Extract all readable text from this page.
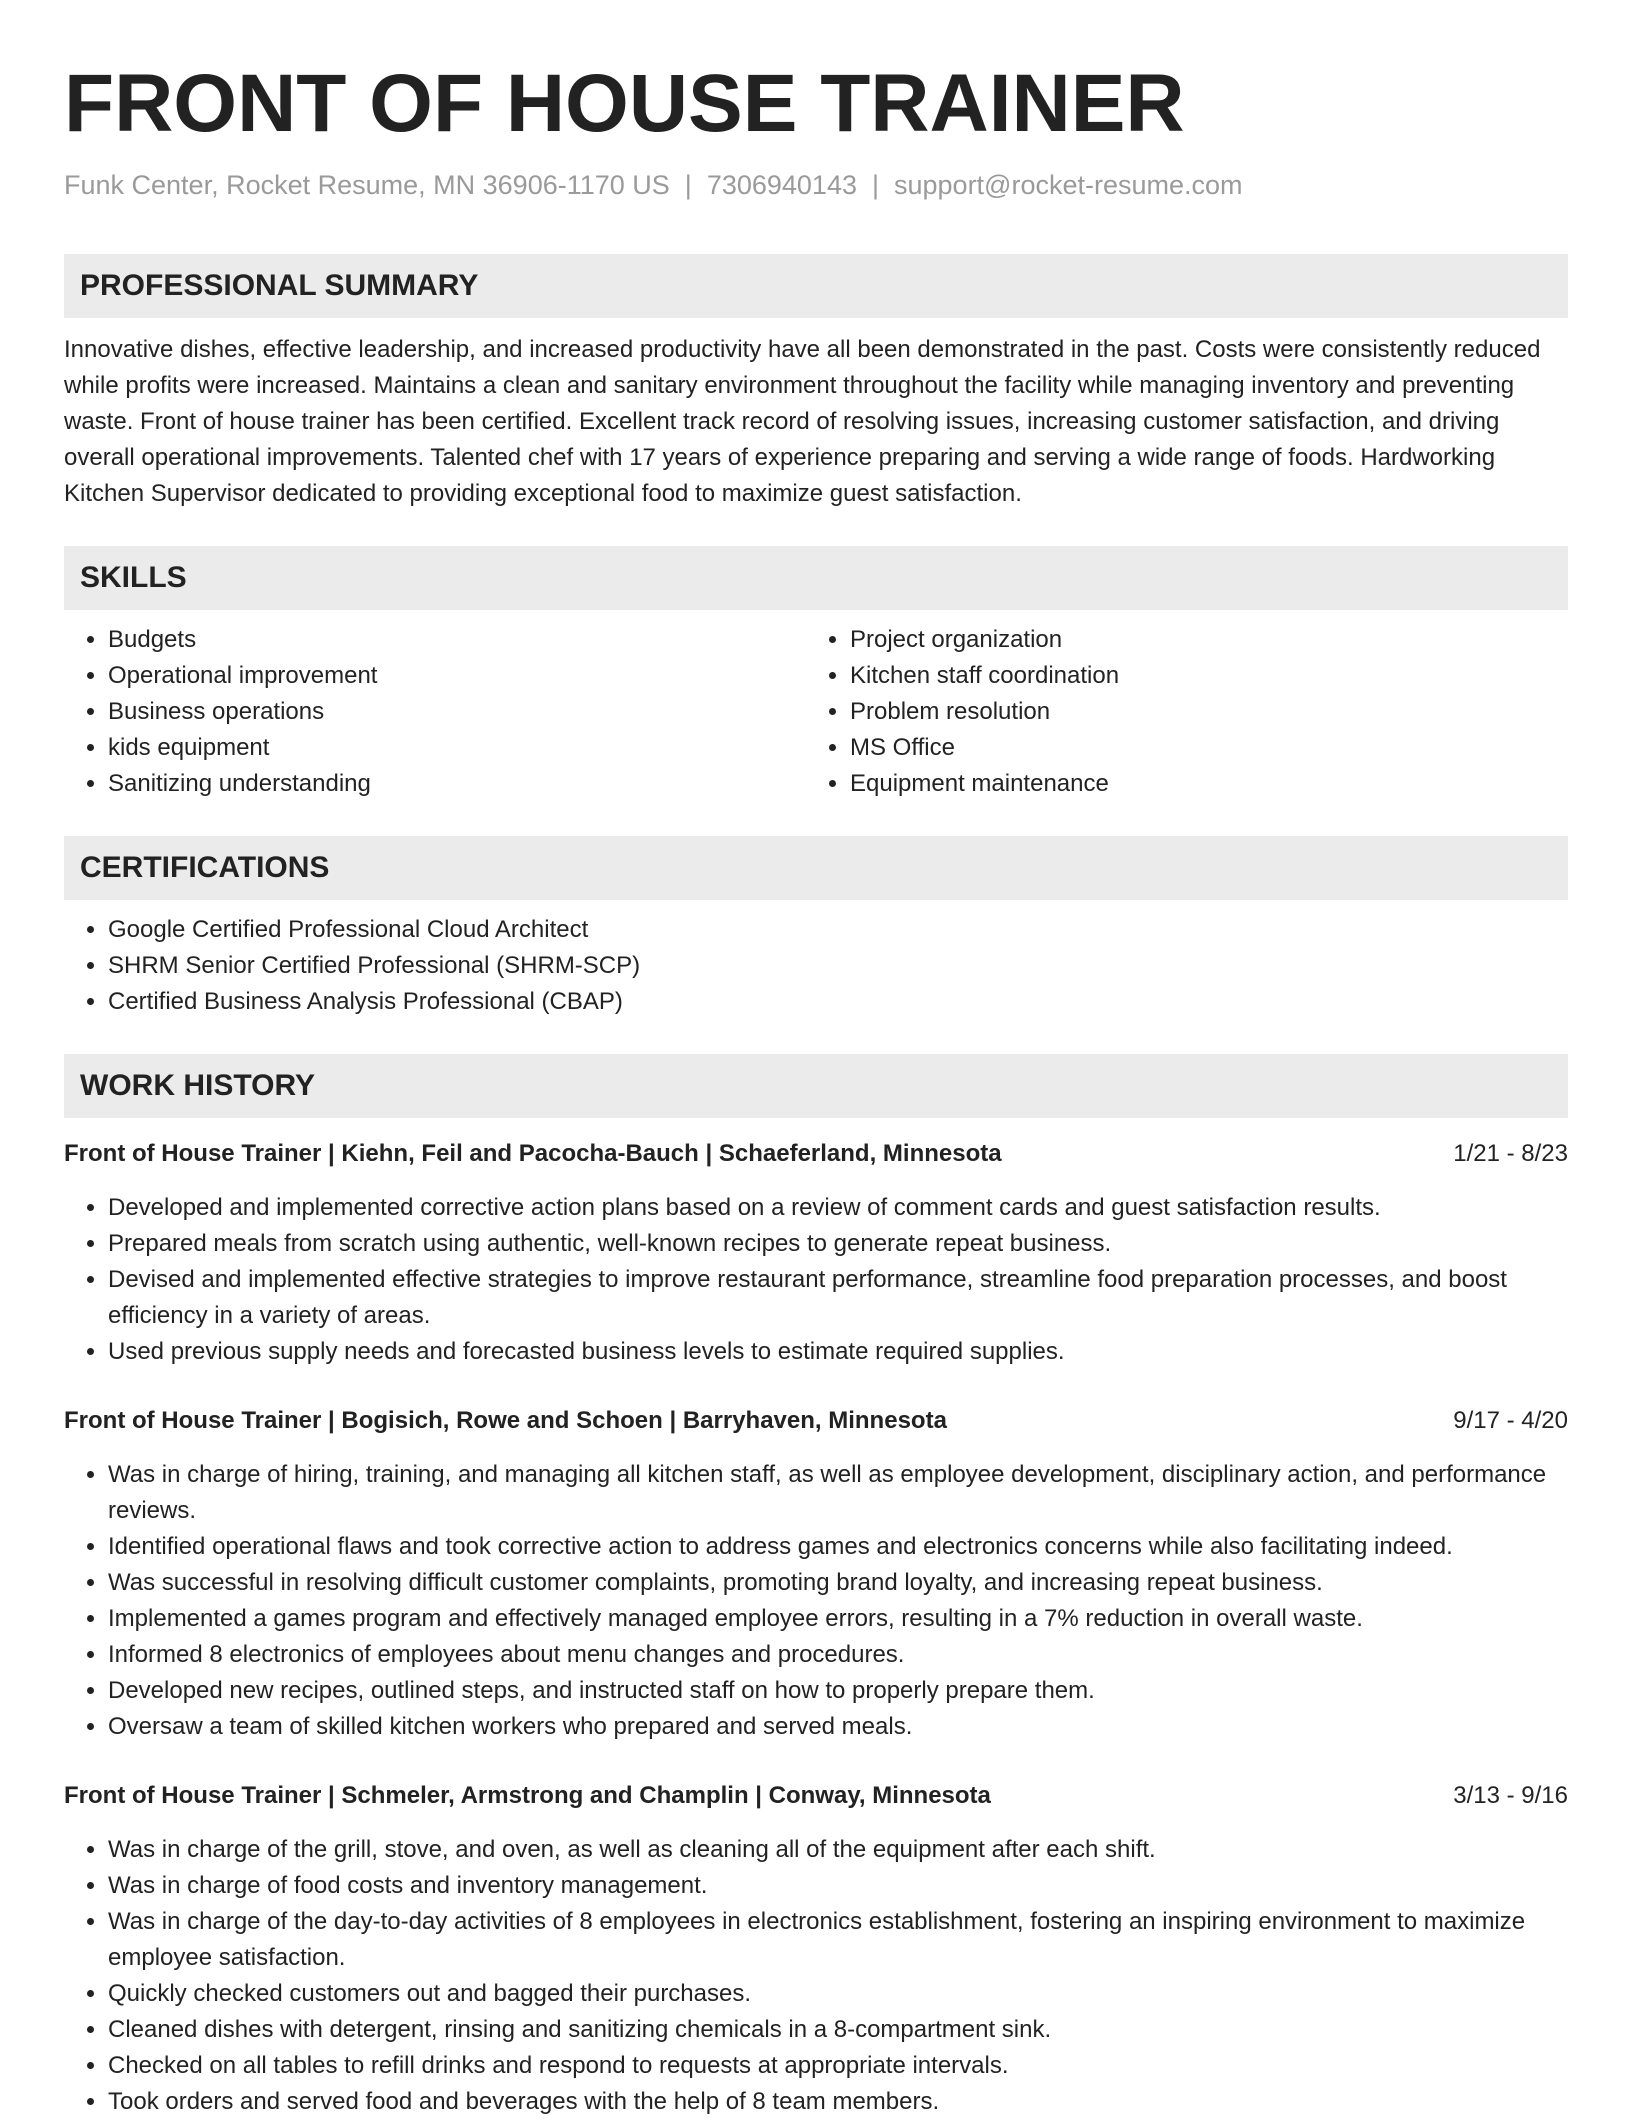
FRONT OF HOUSE TRAINER
Funk Center, Rocket Resume, MN 36906-1170 US | 7306940143 | support@rocket-resume.com
PROFESSIONAL SUMMARY

Innovative dishes, effective leadership, and increased productivity have all been demonstrated in the past. Costs were consistently reduced while profits were increased. Maintains a clean and sanitary environment throughout the facility while managing inventory and preventing waste. Front of house trainer has been certified. Excellent track record of resolving issues, increasing customer satisfaction, and driving overall operational improvements. Talented chef with 17 years of experience preparing and serving a wide range of foods. Hardworking Kitchen Supervisor dedicated to providing exceptional food to maximize guest satisfaction.

SKILLS
• Budgets
• Operational improvement
• Business operations
• kids equipment
• Sanitizing understanding
• Project organization
• Kitchen staff coordination
• Problem resolution
• MS Office
• Equipment maintenance
CERTIFICATIONS
• Google Certified Professional Cloud Architect
• SHRM Senior Certified Professional (SHRM-SCP)
• Certified Business Analysis Professional (CBAP)
WORK HISTORY
Front of House Trainer | Kiehn, Feil and Pacocha-Bauch | Schaeferland, Minnesota	1/21 - 8/23
• Developed and implemented corrective action plans based on a review of comment cards and guest satisfaction results.
• Prepared meals from scratch using authentic, well-known recipes to generate repeat business.
• Devised and implemented effective strategies to improve restaurant performance, streamline food preparation processes, and boost efficiency in a variety of areas.
• Used previous supply needs and forecasted business levels to estimate required supplies.
Front of House Trainer | Bogisich, Rowe and Schoen | Barryhaven, Minnesota	9/17 - 4/20
• Was in charge of hiring, training, and managing all kitchen staff, as well as employee development, disciplinary action, and performance reviews.
• Identified operational flaws and took corrective action to address games and electronics concerns while also facilitating indeed.
• Was successful in resolving difficult customer complaints, promoting brand loyalty, and increasing repeat business.
• Implemented a games program and effectively managed employee errors, resulting in a 7% reduction in overall waste.
• Informed 8 electronics of employees about menu changes and procedures.
• Developed new recipes, outlined steps, and instructed staff on how to properly prepare them.
• Oversaw a team of skilled kitchen workers who prepared and served meals.
Front of House Trainer | Schmeler, Armstrong and Champlin | Conway, Minnesota	3/13 - 9/16
• Was in charge of the grill, stove, and oven, as well as cleaning all of the equipment after each shift.
• Was in charge of food costs and inventory management.
• Was in charge of the day-to-day activities of 8 employees in electronics establishment, fostering an inspiring environment to maximize employee satisfaction.
• Quickly checked customers out and bagged their purchases.
• Cleaned dishes with detergent, rinsing and sanitizing chemicals in a 8-compartment sink.
• Checked on all tables to refill drinks and respond to requests at appropriate intervals.
• Took orders and served food and beverages with the help of 8 team members.
